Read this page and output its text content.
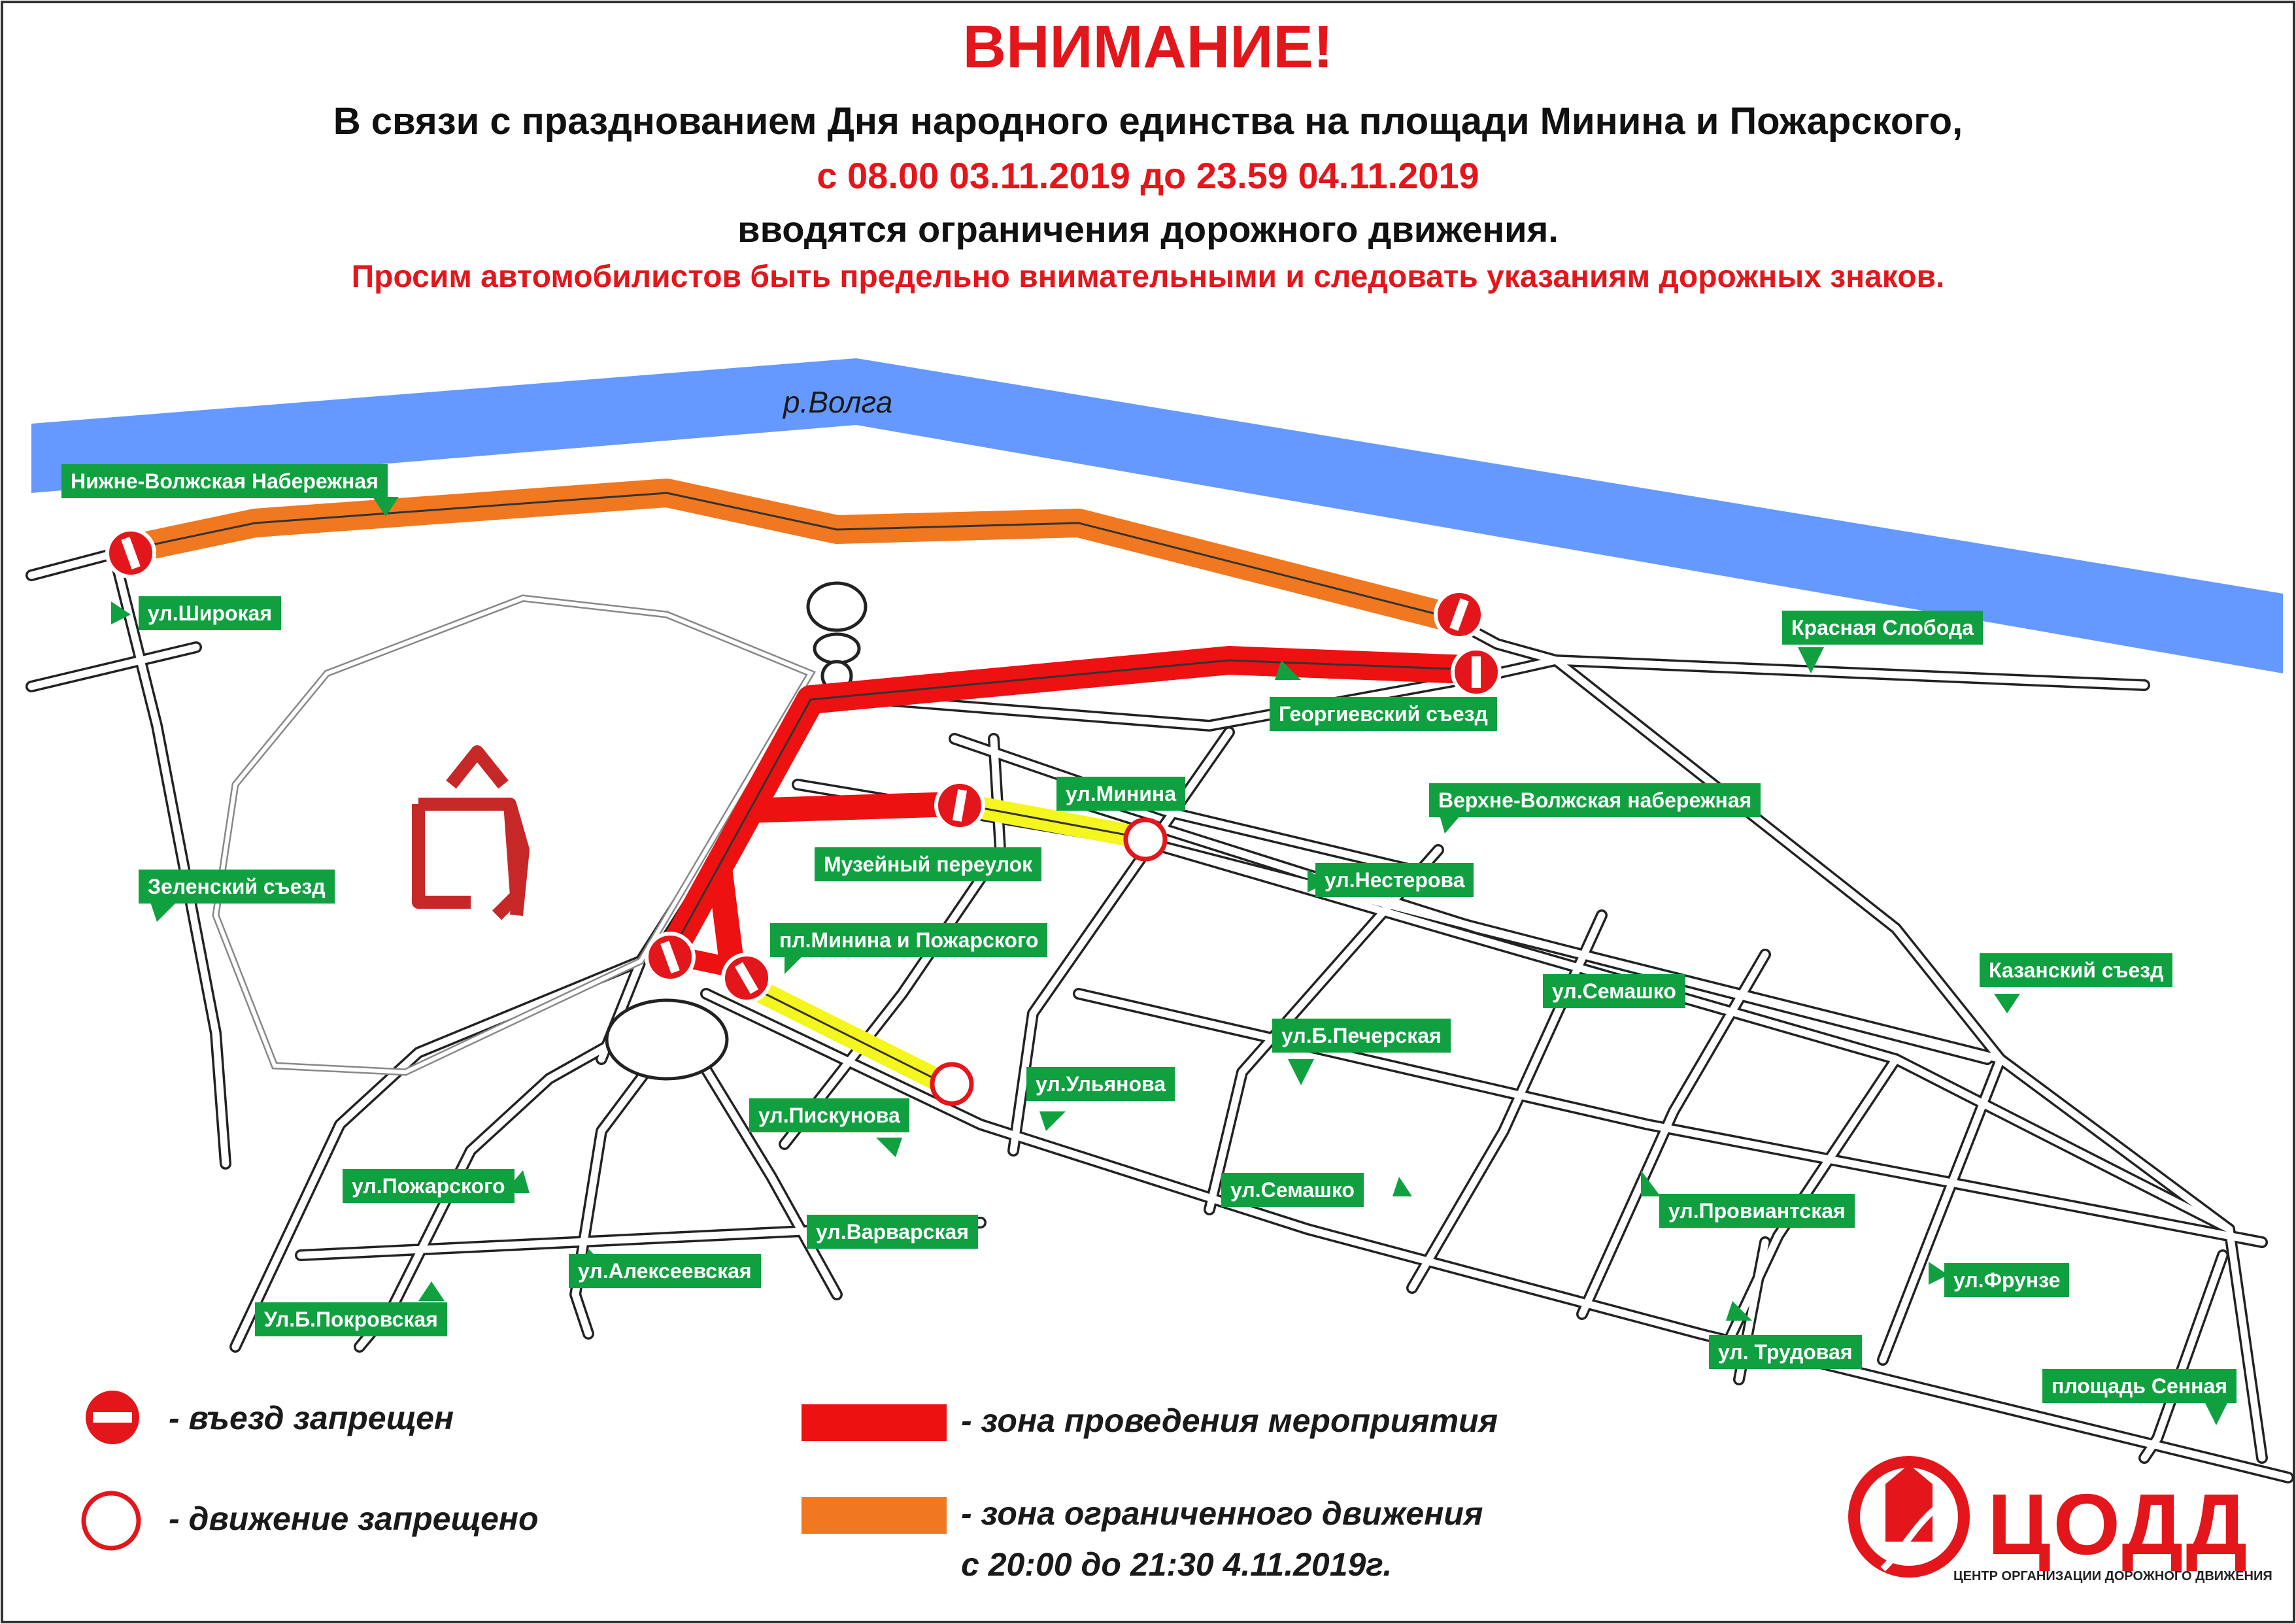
ВНИМАНИЕ!
В связи с празднованием Дня народного единства на площади Минина и Пожарского,
с 08.00 03.11.2019 до 23.59 04.11.2019
вводятся ограничения дорожного движения.
Просим автомобилистов быть предельно внимательными и следовать указаниям дорожных знаков.
р.Волга
Нижне-Волжская Набережная
ул.Широкая
Красная Слобода
Георгиевский съезд
ул.Минина	Верхне-Волжская набережная
Музейный переулок
Зеленский съезд	ул.Нестерова
пл.Минина и Пожарского
Казанский съезд
ул.Семашко
ул.Б.Печерская
ул.Ульянова
ул.Пискунова
ул.Пожарского	ул.Семашко
ул.Провиантская
ул.Варварская
ул.Фрунзе
ул.Алексеевская
Ул.Б.Покровская
ул. Трудовая
площадь Сенная
- въезд запрещен
- движение запрещено
- зона проведения мероприятия
- зона ограниченного движения
с 20:00 до 21:30 4.11.2019г.	ЦОДД
ЦЕНТР ОРГАНИЗАЦИИ ДОРОЖНОГО ДВИЖЕНИЯ
